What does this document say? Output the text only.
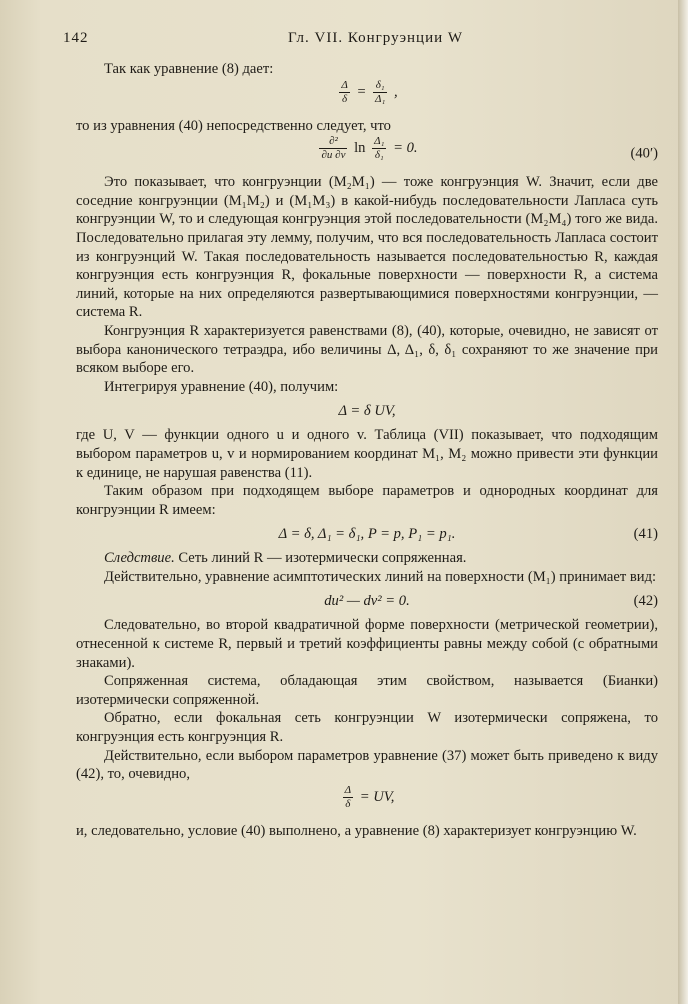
142	Гл. VII. Конгруэнции W

Так как уравнение (8) дает:

$\frac{\Delta}{\delta} = \frac{\text{δ₁}}{\text{Δ₁}}$ ,

то из уравнения (40) непосредственно следует, что

$\frac{\text{∂²}}{\partial u \partial v}$ $\ln \frac{\text{Δ₁}}{\text{δ₁}} = 0$.	(40′)

Это показывает, что конгруэнции (M₂M₁) — тоже конгруэнция W. Значит, если две соседние конгруэнции (M₁M₂) и (M₁M₃) в какой-нибудь последовательности Лапласа суть конгруэнции W, то и следующая конгруэнция этой последовательности (M₂M₄) того же вида. Последовательно прилагая эту лемму, получим, что вся последовательность Лапласа состоит из конгруэнций W. Такая последовательность называется последовательностью R, каждая конгруэнция есть конгруэнция R, фокальные поверхности — поверхности R, а система линий, которые на них определяются развертывающимися поверхностями конгруэнции, — система R.

Конгруэнция R характеризуется равенствами (8), (40), которые, очевидно, не зависят от выбора канонического тетраэдра, ибо величины Δ, Δ₁, δ, δ₁ сохраняют то же значение при всяком выборе его.

Интегрируя уравнение (40), получим:

Δ = δ UV,

где U, V — функции одного u и одного v. Таблица (VII) показывает, что подходящим выбором параметров u, v и нормированием координат M₁, M₂ можно привести эти функции к единице, не нарушая равенства (11).

Таким образом при подходящем выборе параметров и однородных координат для конгруэнции R имеем:

Δ = δ, Δ₁ = δ₁, P = p, P₁ = p₁.	(41)

Следствие. Сеть линий R — изотермически сопряженная.

Действительно, уравнение асимптотических линий на поверхности (M₁) принимает вид:

du² — dv² = 0.	(42)

Следовательно, во второй квадратичной форме поверхности (метрической геометрии), отнесенной к системе R, первый и третий коэффициенты равны между собой (с обратными знаками).

Сопряженная система, обладающая этим свойством, называется (Бианки) изотермически сопряженной.

Обратно, если фокальная сеть конгруэнции W изотермически сопряжена, то конгруэнция есть конгруэнция R.

Действительно, если выбором параметров уравнение (37) может быть приведено к виду (42), то, очевидно,

$\frac{\Delta}{\delta}$ = UV,

и, следовательно, условие (40) выполнено, а уравнение (8) характеризует конгруэнцию W.
